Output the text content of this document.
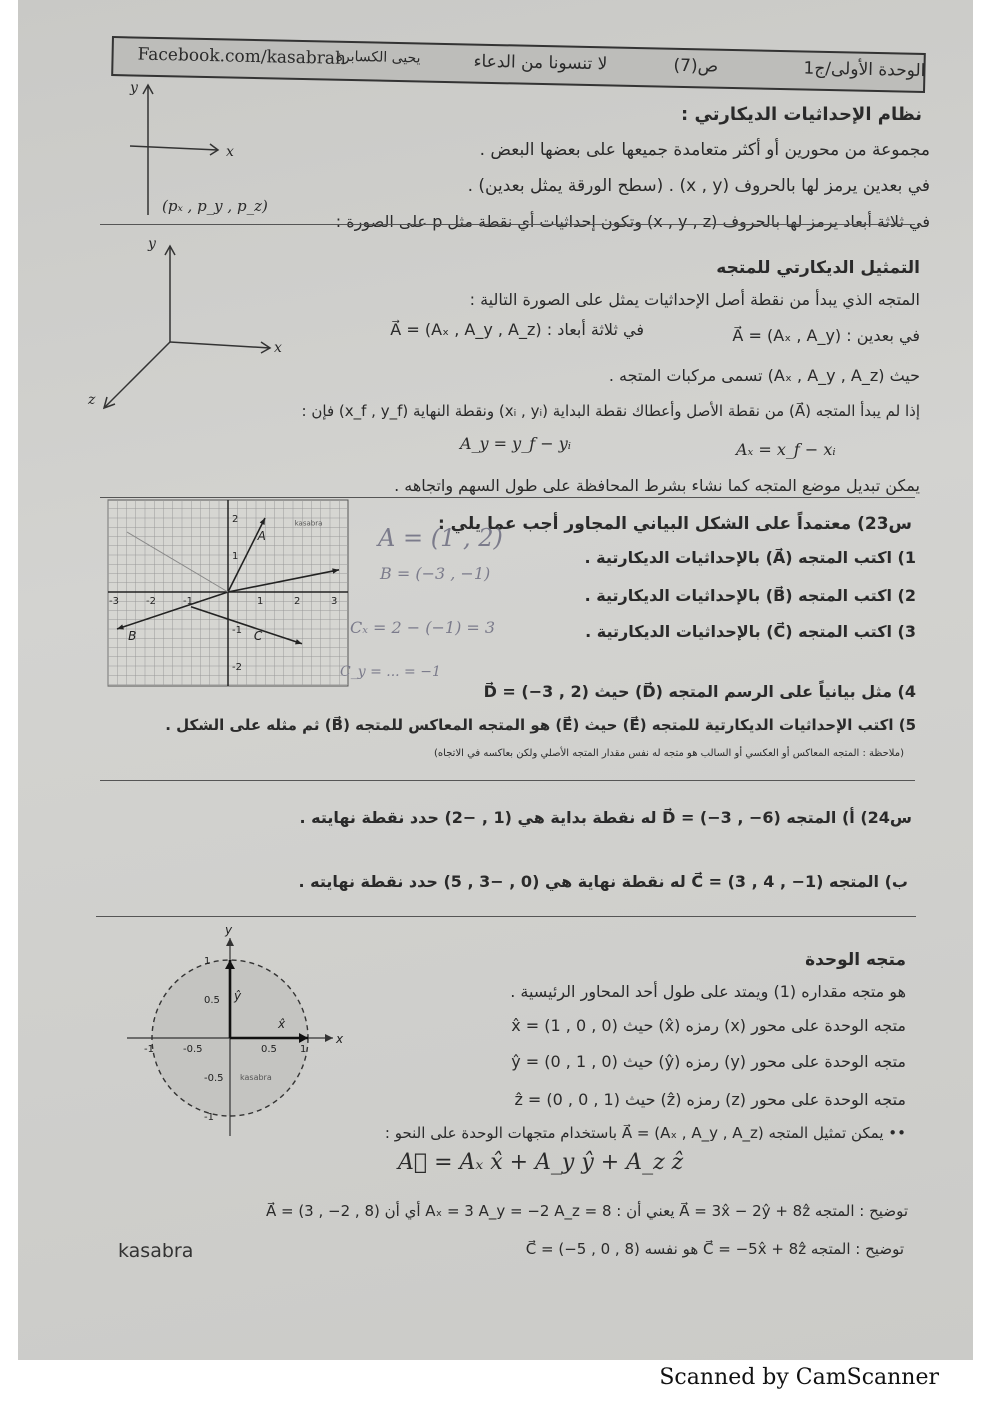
Facebook.com/kasabrah
يحيى الكسابرة	لا تنسونا من الدعاء	ص(7)	الوحدة الأولى/ج1
y
x
نظام الإحداثيات الديكارتي :
مجموعة من محورين أو أكثر متعامدة جميعها على بعضها البعض .
في بعدين يرمز لها بالحروف (x , y) . (سطح الورقة يمثل بعدين) .
في ثلاثة أبعاد يرمز لها بالحروف (x , y , z) وتكون إحداثيات أي نقطة مثل p على الصورة :
(pₓ , p_y , p_z)
y
x
z
التمثيل الديكارتي للمتجه
المتجه الذي يبدأ من نقطة أصل الإحداثيات يمثل على الصورة التالية :
في بعدين : A⃗ = (Aₓ , A_y)
في ثلاثة أبعاد : A⃗ = (Aₓ , A_y , A_z)
حيث (Aₓ , A_y , A_z) تسمى مركبات المتجه .
إذا لم يبدأ المتجه (A⃗) من نقطة الأصل وأعطاك نقطة البداية (xᵢ , yᵢ) ونقطة النهاية (x_f , y_f) فإن :
A_y = y_f − yᵢ	Aₓ = x_f − xᵢ
يمكن تبديل موضع المتجه كما نشاء بشرط المحافظة على طول السهم واتجاهه .
-3	-2	-1	1	2	3
2
1
-1
-2
A
B	C
kasabra	س23) معتمداً على الشكل البياني المجاور أجب عما يلي :
1) اكتب المتجه (A⃗) بالإحداثيات الديكارتية .
2) اكتب المتجه (B⃗) بالإحداثيات الديكارتية .
3) اكتب المتجه (C⃗) بالإحداثيات الديكارتية .
4) مثل بيانياً على الرسم المتجه (D⃗) حيث D⃗ = (−3 , 2)
5) اكتب الإحداثيات الديكارتية للمتجه (E⃗) حيث (E⃗) هو المتجه المعاكس للمتجه (B⃗) ثم مثله على الشكل .
(ملاحظة : المتجه المعاكس أو العكسي أو السالب هو متجه له نفس مقدار المتجه الأصلي ولكن بعاكسه في الاتجاه)
A = (1 , 2)
B = (−3 , −1)
Cₓ = 2 − (−1) = 3
C_y = ... = −1
س24) أ) المتجه D⃗ = (−3 , −6) له نقطة بداية هي (1 , −2) حدد نقطة نهايته .
ب) المتجه C⃗ = (3 , 4 , −1) له نقطة نهاية هي (0 , −3 , 5) حدد نقطة نهايته .
x
y
-1	-0.5	0.5 1
1
0.5
-0.5
-1
x̂
ŷ
kasabra
متجه الوحدة
هو متجه مقداره (1) ويمتد على طول أحد المحاور الرئيسية .
متجه الوحدة على محور (x) رمزه (x̂) حيث x̂ = (1 , 0 , 0)
متجه الوحدة على محور (y) رمزه (ŷ) حيث ŷ = (0 , 1 , 0)
متجه الوحدة على محور (z) رمزه (ẑ) حيث ẑ = (0 , 0 , 1)
•• يمكن تمثيل المتجه A⃗ = (Aₓ , A_y , A_z) باستخدام متجهات الوحدة على النحو :
A⃗ = Aₓ x̂ + A_y ŷ + A_z ẑ
توضيح : المتجه A⃗ = 3x̂ − 2ŷ + 8ẑ يعني أن : Aₓ = 3 A_y = −2 A_z = 8 أي أن A⃗ = (3 , −2 , 8)
توضيح : المتجه C⃗ = −5x̂ + 8ẑ هو نفسه C⃗ = (−5 , 0 , 8)
kasabra
Scanned by CamScanner
